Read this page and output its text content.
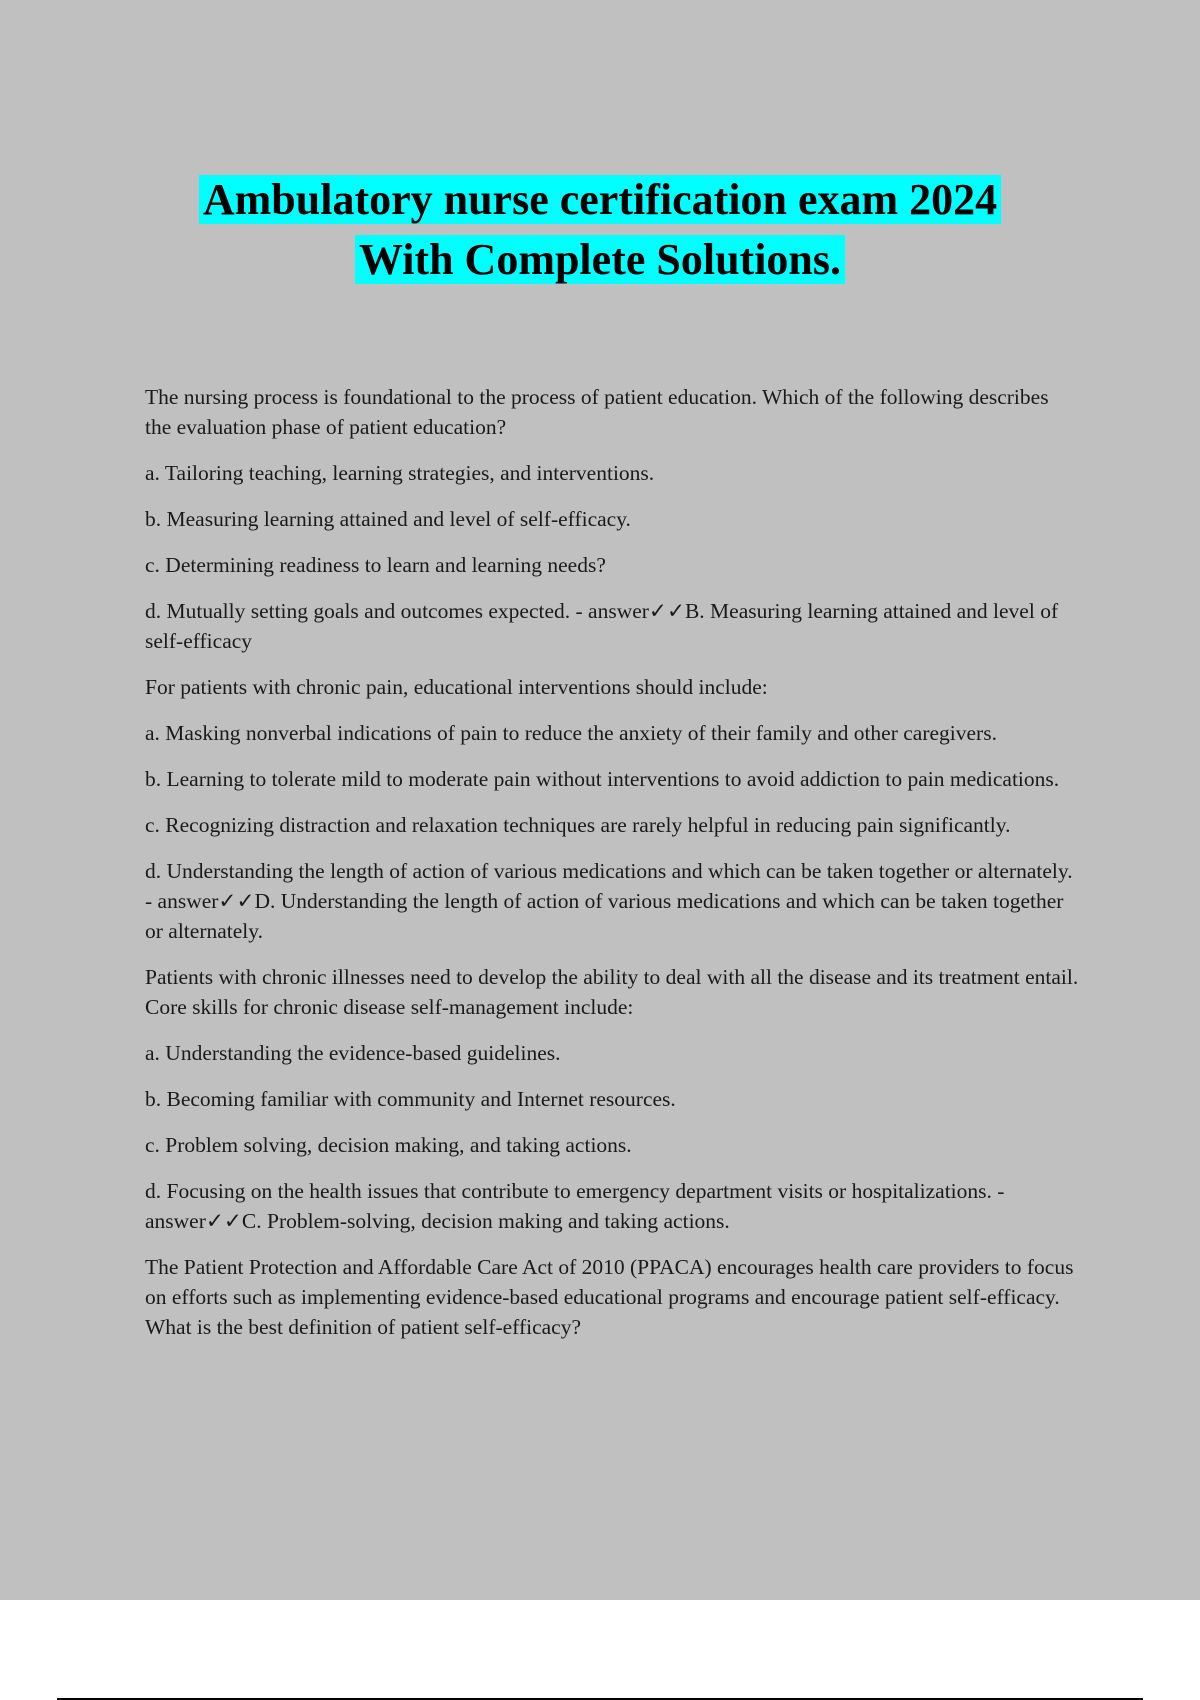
Ambulatory nurse certification exam 2024
With Complete Solutions.

The nursing process is foundational to the process of patient education. Which of the following describes the evaluation phase of patient education?

a. Tailoring teaching, learning strategies, and interventions.

b. Measuring learning attained and level of self-efficacy.

c. Determining readiness to learn and learning needs?

d. Mutually setting goals and outcomes expected. - answer✓✓B. Measuring learning attained and level of self-efficacy

For patients with chronic pain, educational interventions should include:

a. Masking nonverbal indications of pain to reduce the anxiety of their family and other caregivers.

b. Learning to tolerate mild to moderate pain without interventions to avoid addiction to pain medications.

c. Recognizing distraction and relaxation techniques are rarely helpful in reducing pain significantly.

d. Understanding the length of action of various medications and which can be taken together or alternately. - answer✓✓D. Understanding the length of action of various medications and which can be taken together or alternately.

Patients with chronic illnesses need to develop the ability to deal with all the disease and its treatment entail. Core skills for chronic disease self-management include:

a. Understanding the evidence-based guidelines.

b. Becoming familiar with community and Internet resources.

c. Problem solving, decision making, and taking actions.

d. Focusing on the health issues that contribute to emergency department visits or hospitalizations. - answer✓✓C. Problem-solving, decision making and taking actions.

The Patient Protection and Affordable Care Act of 2010 (PPACA) encourages health care providers to focus on efforts such as implementing evidence-based educational programs and encourage patient self-efficacy. What is the best definition of patient self-efficacy?
